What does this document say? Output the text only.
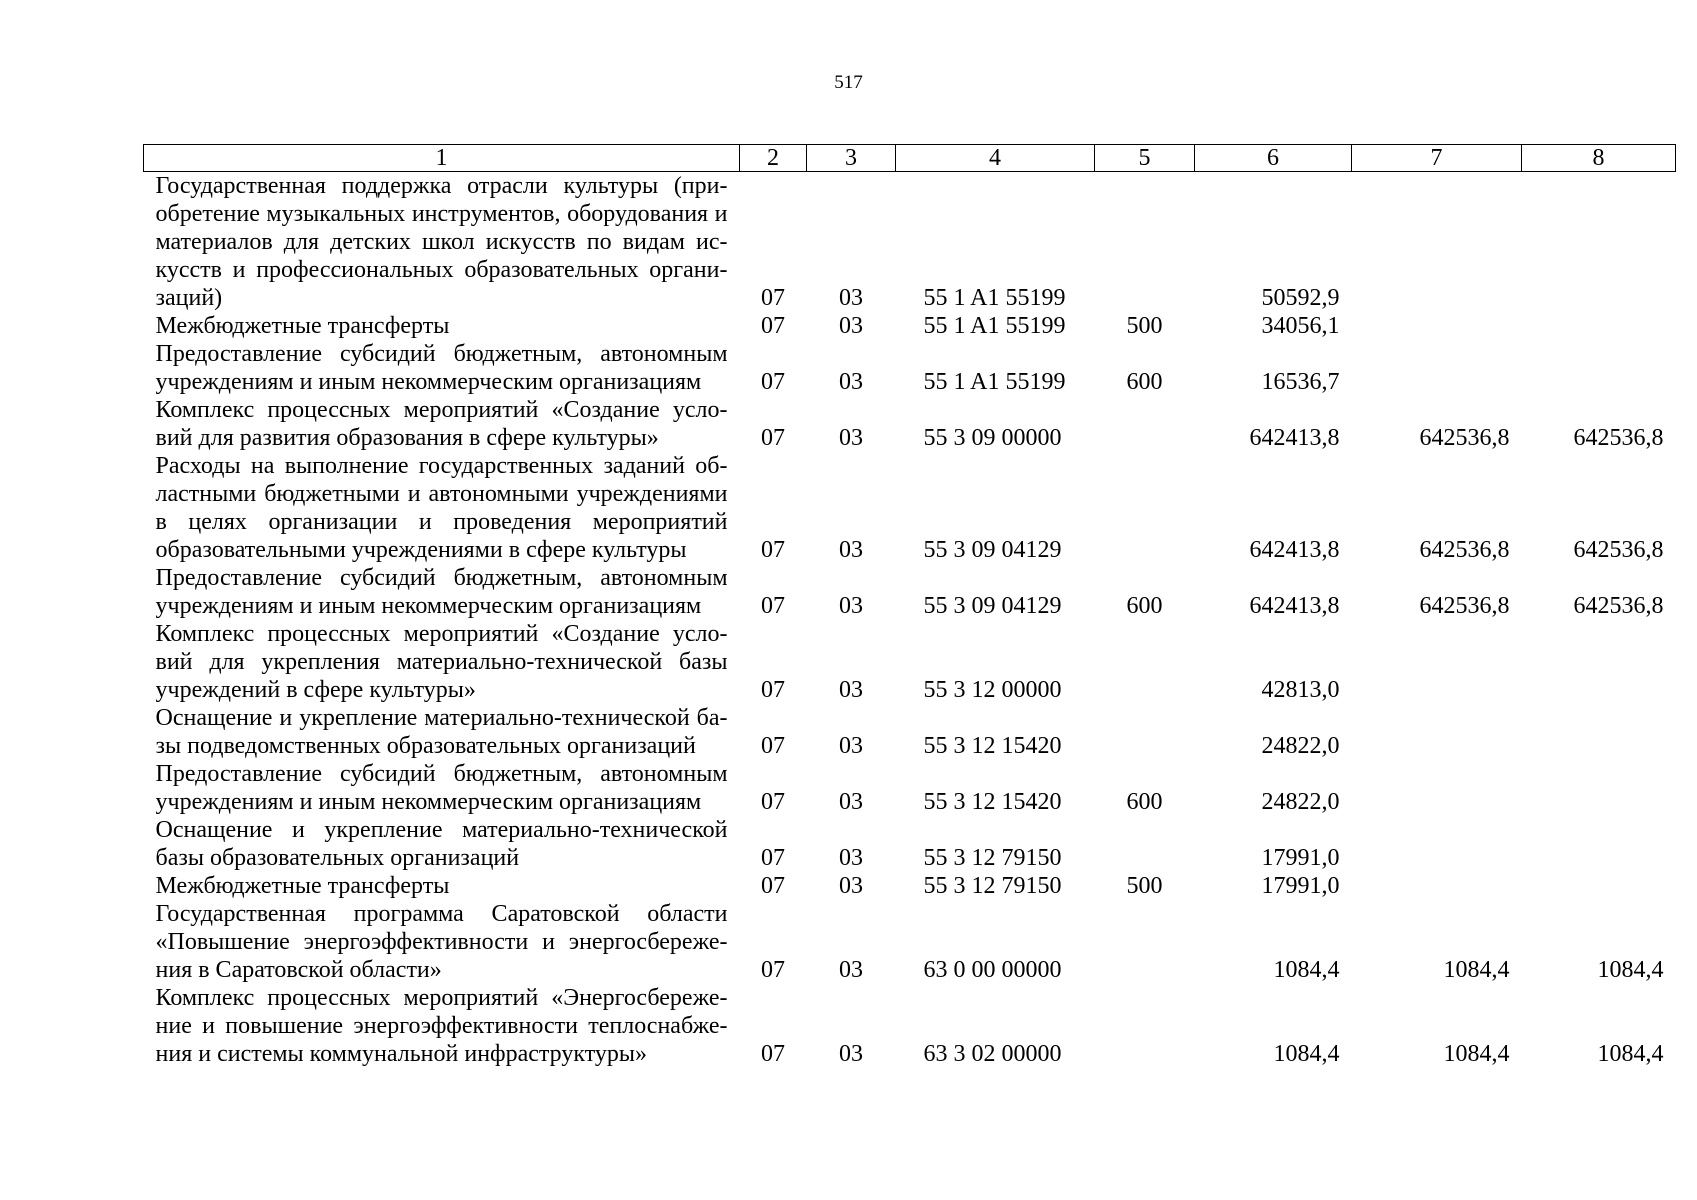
517
1	2	3	4	5	6	7	8
Государственная поддержка отрасли культуры (приобретение музыкальных инструментов, оборудования и материалов для детских школ искусств по видам искусств и профессиональных образовательных организаций)	07	03	55 1 A1 55199		50592,9		
Межбюджетные трансферты	07	03	55 1 A1 55199	500	34056,1		
Предоставление субсидий бюджетным, автономным учреждениям и иным некоммерческим организациям	07	03	55 1 A1 55199	600	16536,7		
Комплекс процессных мероприятий «Создание условий для развития образования в сфере культуры»	07	03	55 3 09 00000		642413,8	642536,8	642536,8
Расходы на выполнение государственных заданий областными бюджетными и автономными учреждениями в целях организации и проведения мероприятий образовательными учреждениями в сфере культуры	07	03	55 3 09 04129		642413,8	642536,8	642536,8
Предоставление субсидий бюджетным, автономным учреждениям и иным некоммерческим организациям	07	03	55 3 09 04129	600	642413,8	642536,8	642536,8
Комплекс процессных мероприятий «Создание условий для укрепления материально-технической базы учреждений в сфере культуры»	07	03	55 3 12 00000		42813,0		
Оснащение и укрепление материально-технической базы подведомственных образовательных организаций	07	03	55 3 12 15420		24822,0		
Предоставление субсидий бюджетным, автономным учреждениям и иным некоммерческим организациям	07	03	55 3 12 15420	600	24822,0		
Оснащение и укрепление материально-технической базы образовательных организаций	07	03	55 3 12 79150		17991,0		
Межбюджетные трансферты	07	03	55 3 12 79150	500	17991,0		
Государственная программа Саратовской области «Повышение энергоэффективности и энергосбережения в Саратовской области»	07	03	63 0 00 00000		1084,4	1084,4	1084,4
Комплекс процессных мероприятий «Энергосбережение и повышение энергоэффективности теплоснабжения и системы коммунальной инфраструктуры»	07	03	63 3 02 00000		1084,4	1084,4	1084,4
